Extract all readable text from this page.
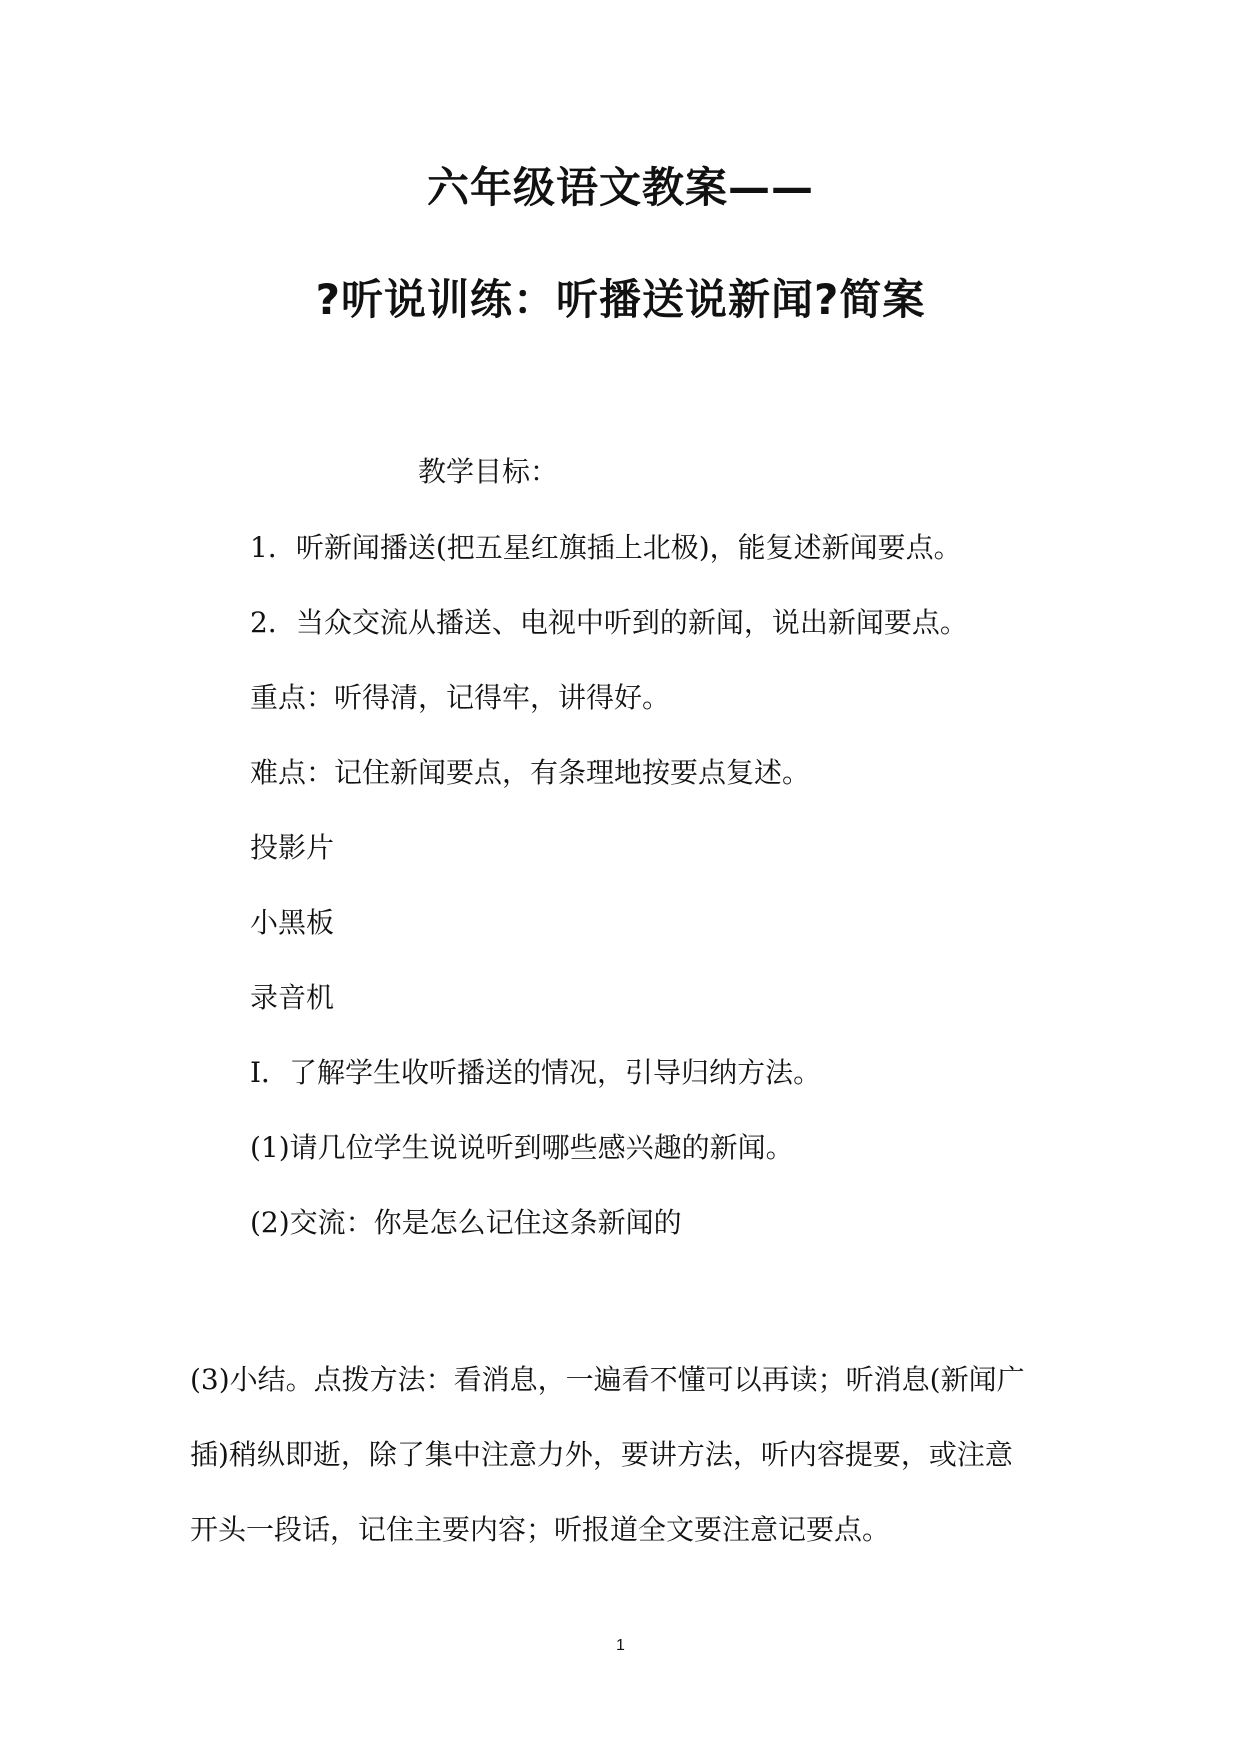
六年级语文教案——
?听说训练：听播送说新闻?简案
教学目标：
1．听新闻播送(把五星红旗插上北极)，能复述新闻要点。
2．当众交流从播送、电视中听到的新闻，说出新闻要点。
重点：听得清，记得牢，讲得好。
难点：记住新闻要点，有条理地按要点复述。
投影片
小黑板
录音机
I．了解学生收听播送的情况，引导归纳方法。
(1)请几位学生说说听到哪些感兴趣的新闻。
(2)交流：你是怎么记住这条新闻的
(3)小结。点拨方法：看消息，一遍看不懂可以再读；听消息(新闻广
插)稍纵即逝，除了集中注意力外，要讲方法，听内容提要，或注意
开头一段话，记住主要内容；听报道全文要注意记要点。
1
